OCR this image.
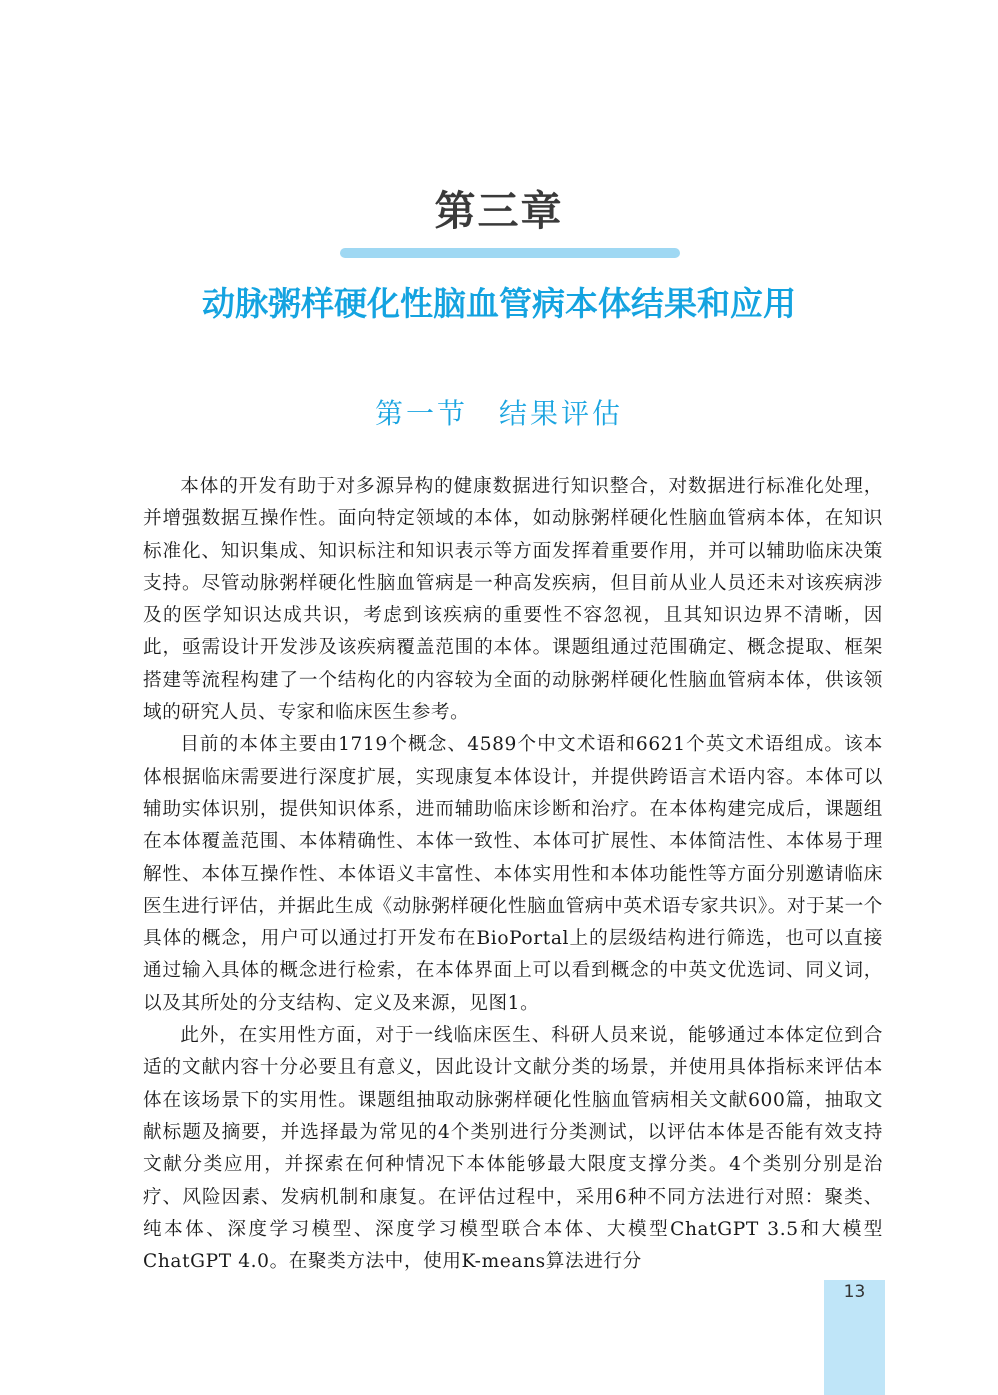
第三章
动脉粥样硬化性脑血管病本体结果和应用
第一节　结果评估

本体的开发有助于对多源异构的健康数据进行知识整合，对数据进行标准化处理，并增强数据互操作性。面向特定领域的本体，如动脉粥样硬化性脑血管病本体，在知识标准化、知识集成、知识标注和知识表示等方面发挥着重要作用，并可以辅助临床决策支持。尽管动脉粥样硬化性脑血管病是一种高发疾病，但目前从业人员还未对该疾病涉及的医学知识达成共识，考虑到该疾病的重要性不容忽视，且其知识边界不清晰，因此，亟需设计开发涉及该疾病覆盖范围的本体。课题组通过范围确定、概念提取、框架搭建等流程构建了一个结构化的内容较为全面的动脉粥样硬化性脑血管病本体，供该领域的研究人员、专家和临床医生参考。

目前的本体主要由1719个概念、4589个中文术语和6621个英文术语组成。该本体根据临床需要进行深度扩展，实现康复本体设计，并提供跨语言术语内容。本体可以辅助实体识别，提供知识体系，进而辅助临床诊断和治疗。在本体构建完成后，课题组在本体覆盖范围、本体精确性、本体一致性、本体可扩展性、本体简洁性、本体易于理解性、本体互操作性、本体语义丰富性、本体实用性和本体功能性等方面分别邀请临床医生进行评估，并据此生成《动脉粥样硬化性脑血管病中英术语专家共识》。对于某一个具体的概念，用户可以通过打开发布在BioPortal上的层级结构进行筛选，也可以直接通过输入具体的概念进行检索，在本体界面上可以看到概念的中英文优选词、同义词，以及其所处的分支结构、定义及来源，见图1。

此外，在实用性方面，对于一线临床医生、科研人员来说，能够通过本体定位到合适的文献内容十分必要且有意义，因此设计文献分类的场景，并使用具体指标来评估本体在该场景下的实用性。课题组抽取动脉粥样硬化性脑血管病相关文献600篇，抽取文献标题及摘要，并选择最为常见的4个类别进行分类测试，以评估本体是否能有效支持文献分类应用，并探索在何种情况下本体能够最大限度支撑分类。4个类别分别是治疗、风险因素、发病机制和康复。在评估过程中，采用6种不同方法进行对照：聚类、纯本体、深度学习模型、深度学习模型联合本体、大模型ChatGPT 3.5和大模型ChatGPT 4.0。在聚类方法中，使用K-means算法进行分

13
